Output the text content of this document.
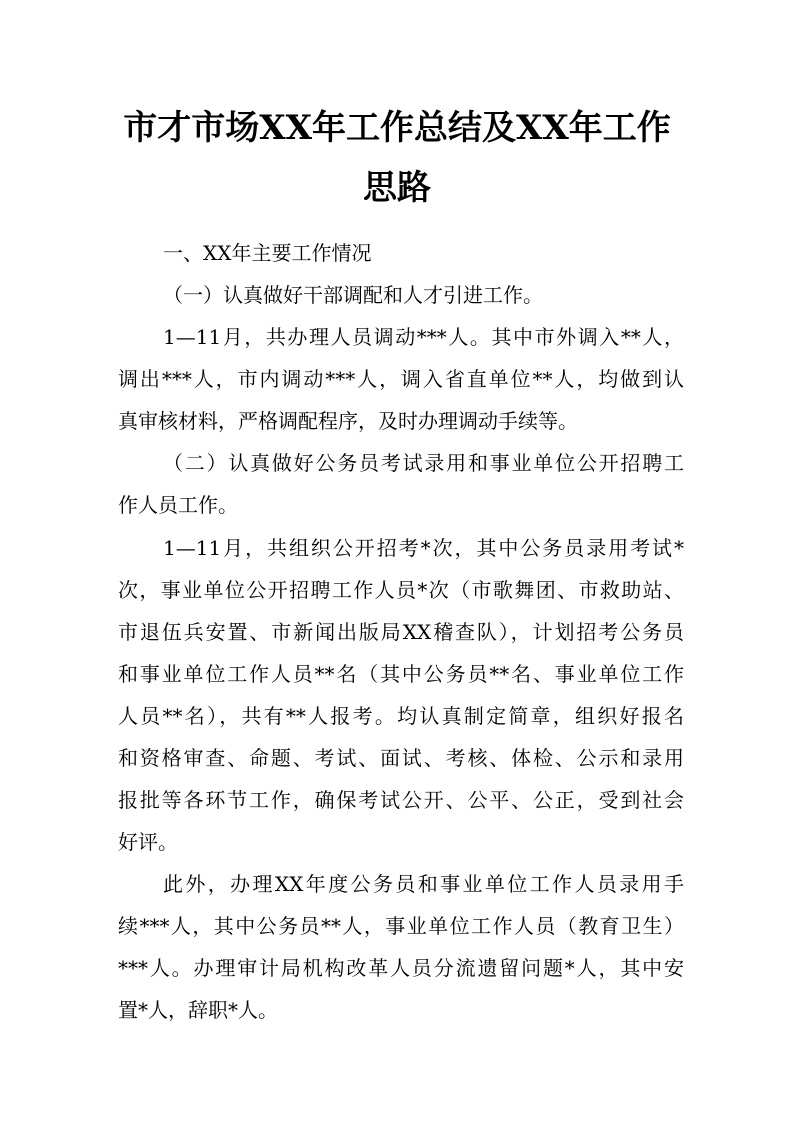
市才市场XX年工作总结及XX年工作
思路

一、XX年主要工作情况

（一）认真做好干部调配和人才引进工作。

1—11月，共办理人员调动***人。其中市外调入**人，

调出***人，市内调动***人，调入省直单位**人，均做到认

真审核材料，严格调配程序，及时办理调动手续等。

（二）认真做好公务员考试录用和事业单位公开招聘工

作人员工作。

1—11月，共组织公开招考*次，其中公务员录用考试*

次，事业单位公开招聘工作人员*次（市歌舞团、市救助站、

市退伍兵安置、市新闻出版局XX稽查队），计划招考公务员

和事业单位工作人员**名（其中公务员**名、事业单位工作

人员**名），共有**人报考。均认真制定简章，组织好报名

和资格审查、命题、考试、面试、考核、体检、公示和录用

报批等各环节工作，确保考试公开、公平、公正，受到社会

好评。

此外，办理XX年度公务员和事业单位工作人员录用手

续***人，其中公务员**人，事业单位工作人员（教育卫生）

***人。办理审计局机构改革人员分流遗留问题*人，其中安

置*人，辞职*人。
